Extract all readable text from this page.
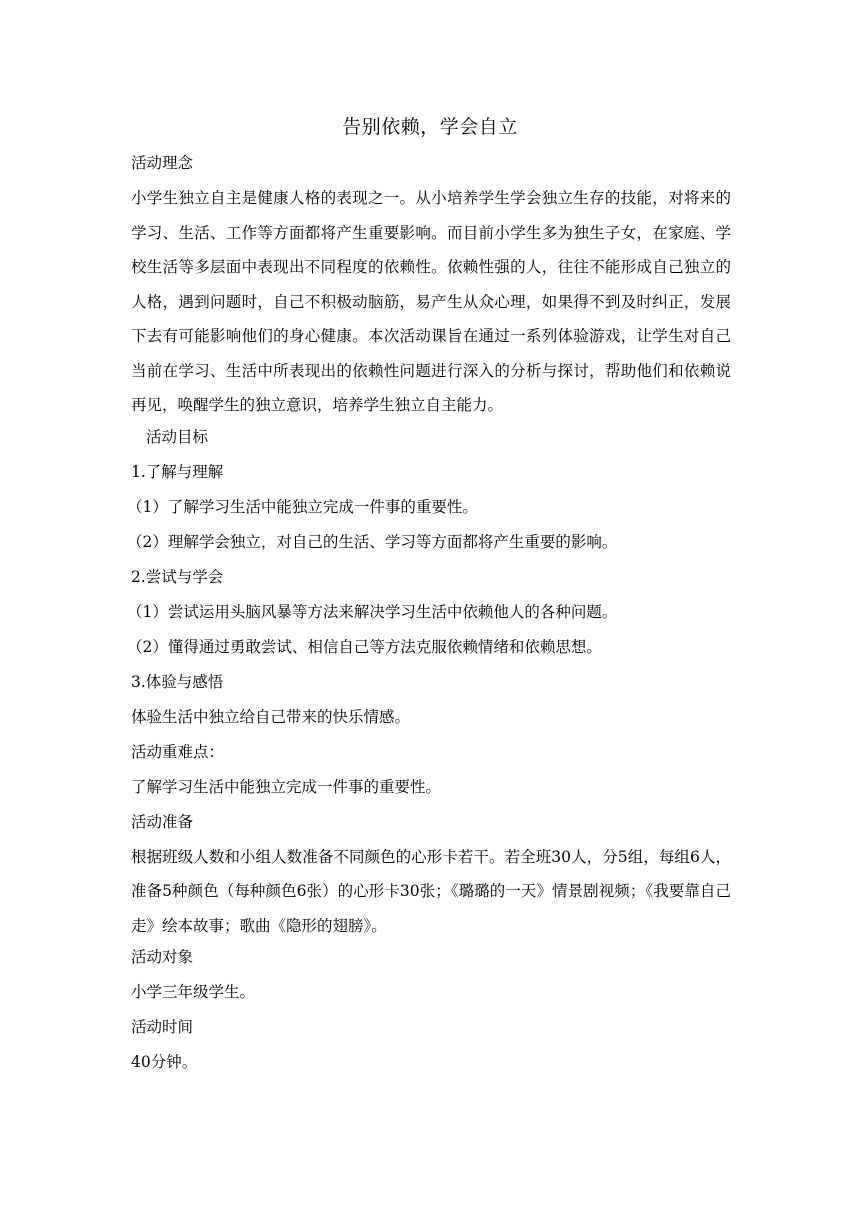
告别依赖，学会自立
活动理念

小学生独立自主是健康人格的表现之一。从小培养学生学会独立生存的技能，对将来的学习、生活、工作等方面都将产生重要影响。而目前小学生多为独生子女，在家庭、学校生活等多层面中表现出不同程度的依赖性。依赖性强的人，往往不能形成自己独立的人格，遇到问题时，自己不积极动脑筋，易产生从众心理，如果得不到及时纠正，发展下去有可能影响他们的身心健康。本次活动课旨在通过一系列体验游戏，让学生对自己当前在学习、生活中所表现出的依赖性问题进行深入的分析与探讨，帮助他们和依赖说再见，唤醒学生的独立意识，培养学生独立自主能力。

活动目标
1.了解与理解
（1）了解学习生活中能独立完成一件事的重要性。
（2）理解学会独立，对自己的生活、学习等方面都将产生重要的影响。
2.尝试与学会
（1）尝试运用头脑风暴等方法来解决学习生活中依赖他人的各种问题。
（2）懂得通过勇敢尝试、相信自己等方法克服依赖情绪和依赖思想。
3.体验与感悟
体验生活中独立给自己带来的快乐情感。
活动重难点：
了解学习生活中能独立完成一件事的重要性。
活动准备

根据班级人数和小组人数准备不同颜色的心形卡若干。若全班30人，分5组，每组6人，准备5种颜色（每种颜色6张）的心形卡30张；《璐璐的一天》情景剧视频；《我要靠自己走》绘本故事；歌曲《隐形的翅膀》。

活动对象
小学三年级学生。
活动时间
40分钟。
